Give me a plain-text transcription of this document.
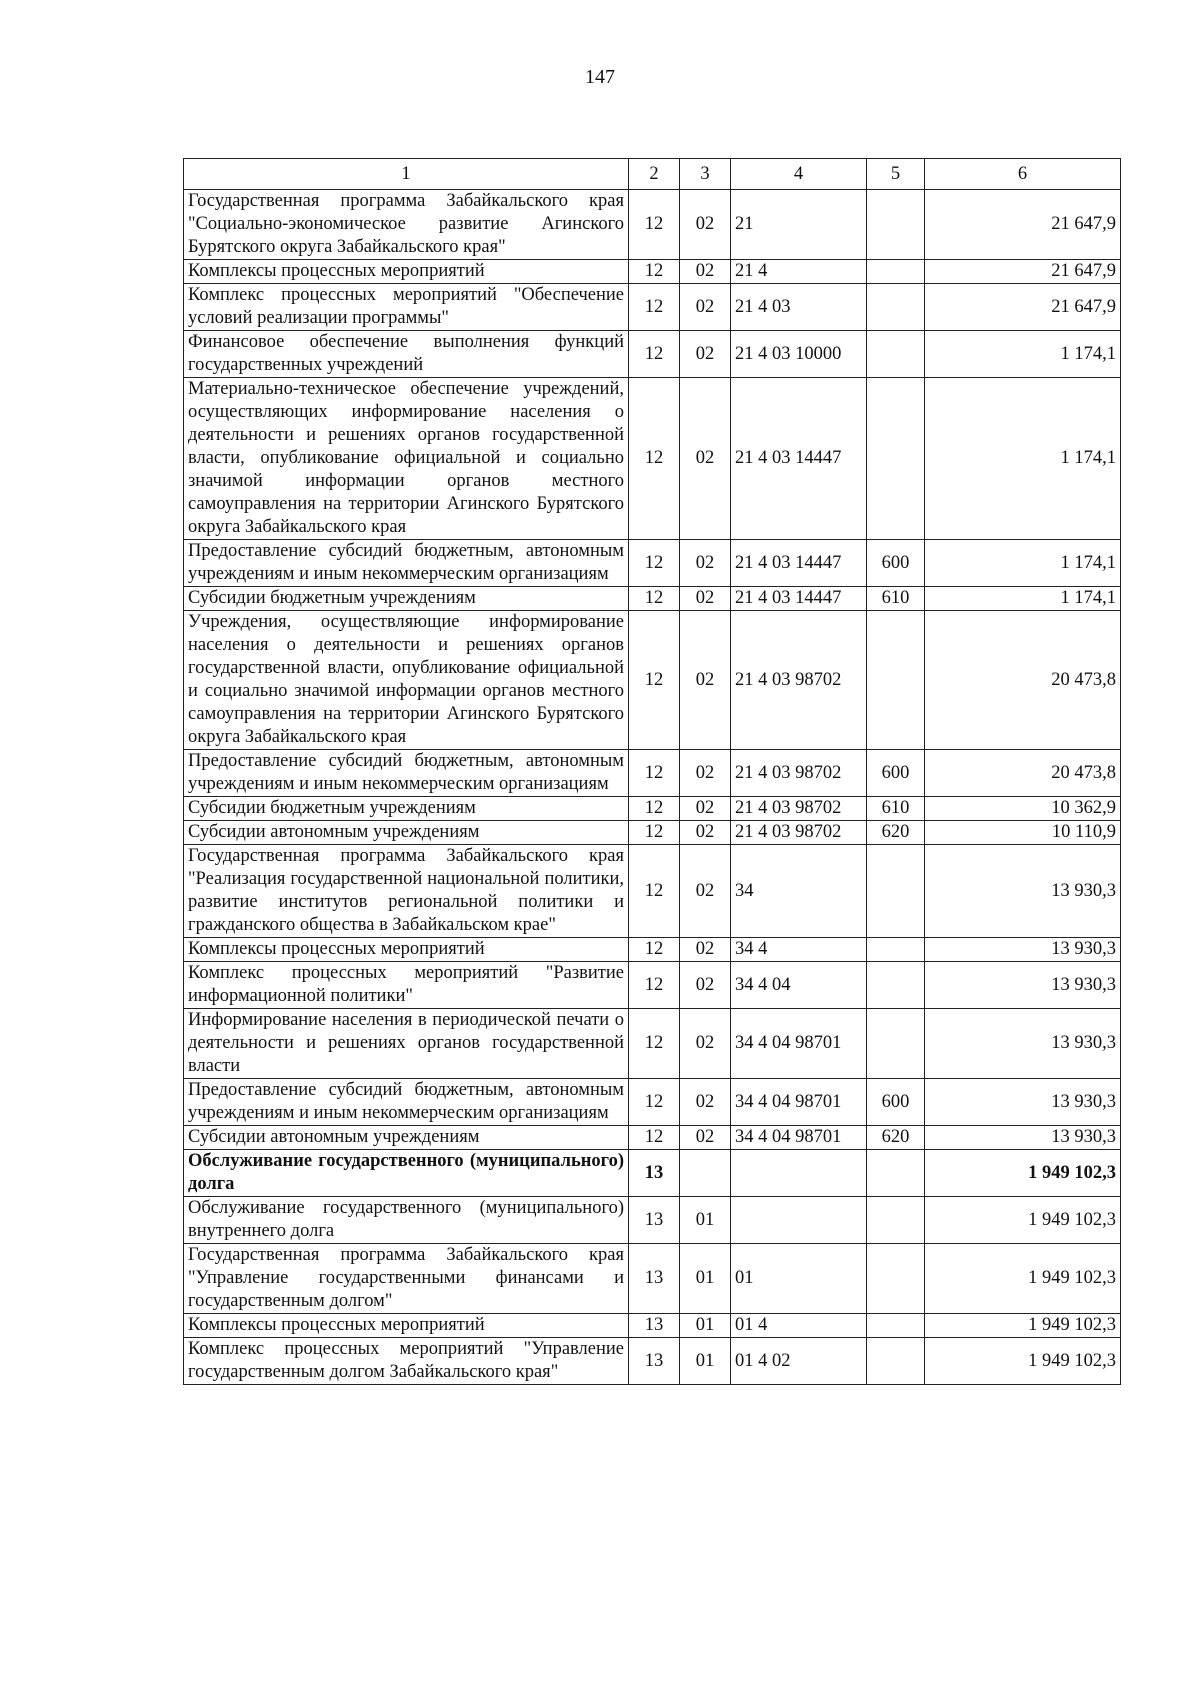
147
1	2	3	4	5	6
Государственная программа Забайкальского края "Социально-экономическое развитие Агинского Бурятского округа Забайкальского края"	12	02	21		21 647,9
Комплексы процессных мероприятий	12	02	21 4		21 647,9
Комплекс процессных мероприятий "Обеспечение условий реализации программы"	12	02	21 4 03		21 647,9
Финансовое обеспечение выполнения функций государственных учреждений	12	02	21 4 03 10000		1 174,1
Материально-техническое обеспечение учреждений, осуществляющих информирование населения о деятельности и решениях органов государственной власти, опубликование официальной и социально значимой информации органов местного самоуправления на территории Агинского Бурятского округа Забайкальского края	12	02	21 4 03 14447		1 174,1
Предоставление субсидий бюджетным, автономным учреждениям и иным некоммерческим организациям	12	02	21 4 03 14447	600	1 174,1
Субсидии бюджетным учреждениям	12	02	21 4 03 14447	610	1 174,1
Учреждения, осуществляющие информирование населения о деятельности и решениях органов государственной власти, опубликование официальной и социально значимой информации органов местного самоуправления на территории Агинского Бурятского округа Забайкальского края	12	02	21 4 03 98702		20 473,8
Предоставление субсидий бюджетным, автономным учреждениям и иным некоммерческим организациям	12	02	21 4 03 98702	600	20 473,8
Субсидии бюджетным учреждениям	12	02	21 4 03 98702	610	10 362,9
Субсидии автономным учреждениям	12	02	21 4 03 98702	620	10 110,9
Государственная программа Забайкальского края "Реализация государственной национальной политики, развитие институтов региональной политики и гражданского общества в Забайкальском крае"	12	02	34		13 930,3
Комплексы процессных мероприятий	12	02	34 4		13 930,3
Комплекс процессных мероприятий "Развитие информационной политики"	12	02	34 4 04		13 930,3
Информирование населения в периодической печати о деятельности и решениях органов государственной власти	12	02	34 4 04 98701		13 930,3
Предоставление субсидий бюджетным, автономным учреждениям и иным некоммерческим организациям	12	02	34 4 04 98701	600	13 930,3
Субсидии автономным учреждениям	12	02	34 4 04 98701	620	13 930,3
Обслуживание государственного (муниципального) долга	13				1 949 102,3
Обслуживание государственного (муниципального) внутреннего долга	13	01			1 949 102,3
Государственная программа Забайкальского края "Управление государственными финансами и государственным долгом"	13	01	01		1 949 102,3
Комплексы процессных мероприятий	13	01	01 4		1 949 102,3
Комплекс процессных мероприятий "Управление государственным долгом Забайкальского края"	13	01	01 4 02		1 949 102,3
